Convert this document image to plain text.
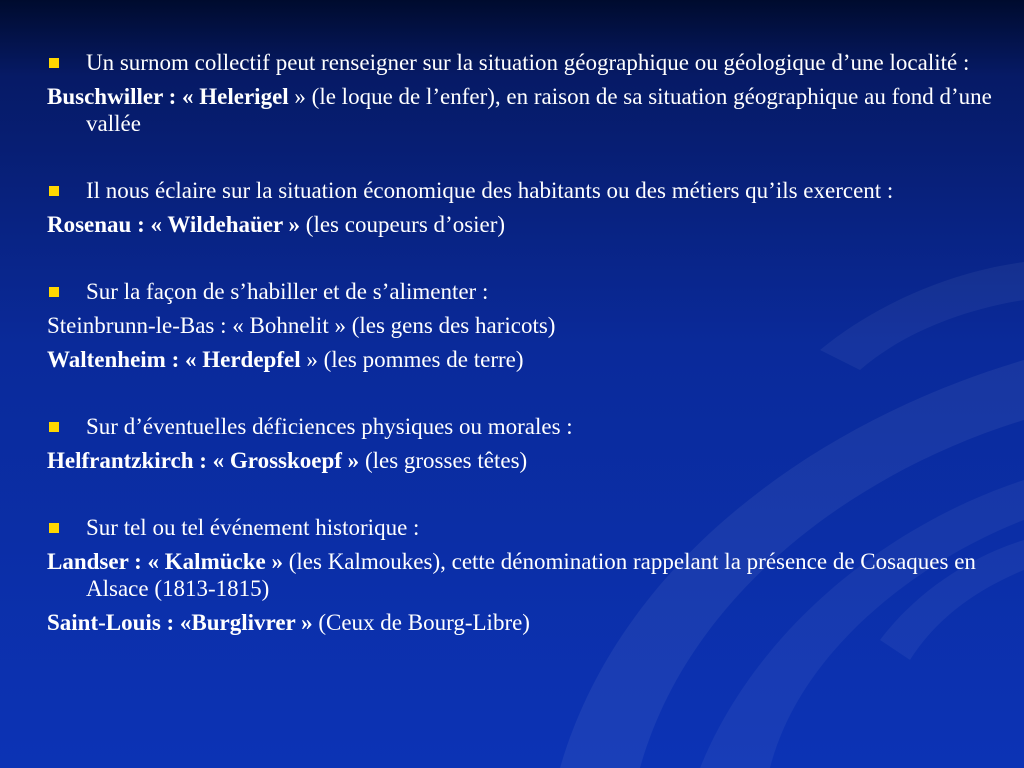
Un surnom collectif peut renseigner sur la situation géographique ou géologique d’une localité :

Buschwiller : « Helerigel » (le loque de l’enfer), en raison de sa situation géographique au fond d’une vallée

Il nous éclaire sur la situation économique des habitants ou des métiers qu’ils exercent :

Rosenau : « Wildehaüer » (les coupeurs d’osier)

Sur la façon de s’habiller et de s’alimenter :

Steinbrunn-le-Bas : « Bohnelit » (les gens des haricots)

Waltenheim : « Herdepfel » (les pommes de terre)

Sur d’éventuelles déficiences physiques ou morales :

Helfrantzkirch : « Grosskoepf » (les grosses têtes)

Sur tel ou tel événement historique :

Landser : « Kalmücke » (les Kalmoukes), cette dénomination rappelant la présence de Cosaques en Alsace (1813-1815)

Saint-Louis : «Burglivrer » (Ceux de Bourg-Libre)
